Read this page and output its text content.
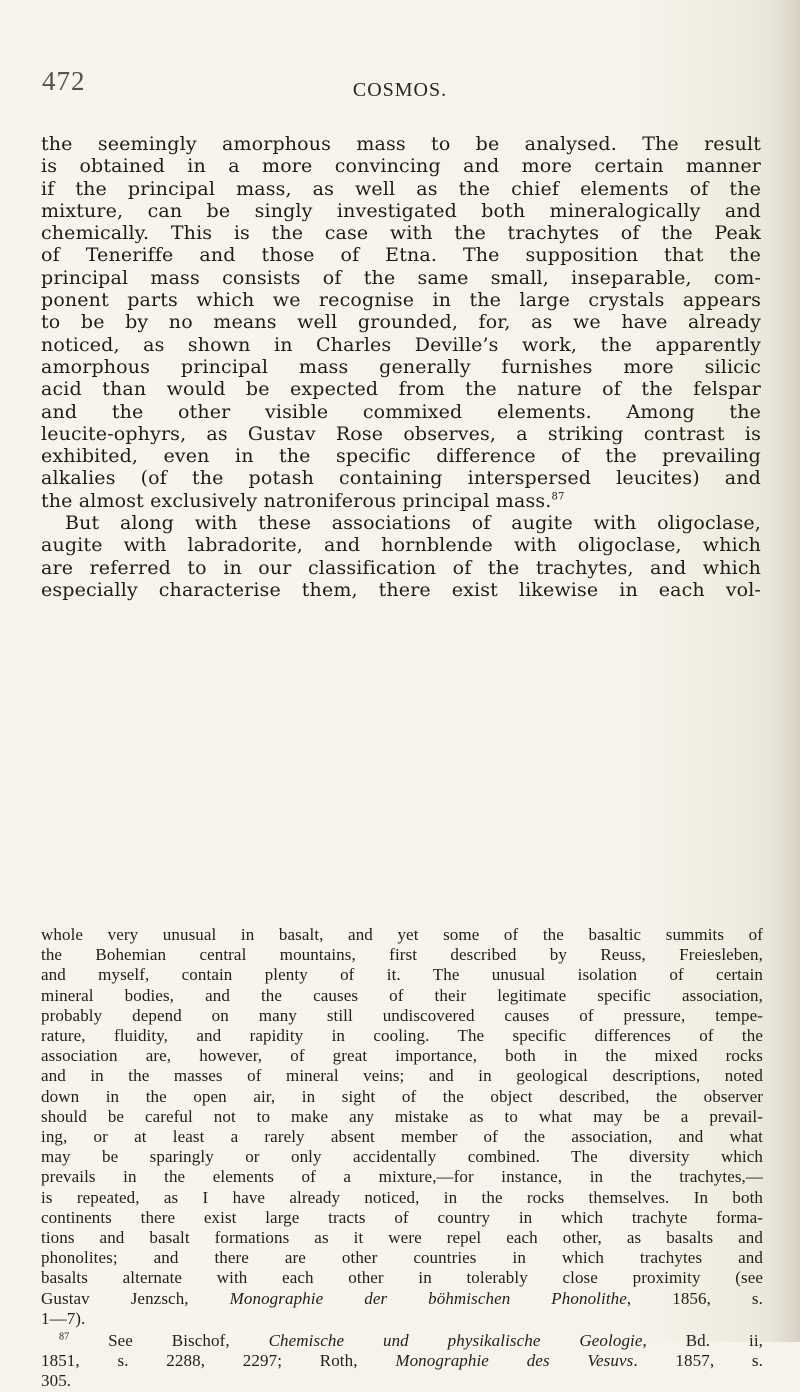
472	COSMOS.

the seemingly amorphous mass to be analysed. The result
is obtained in a more convincing and more certain manner
if the principal mass, as well as the chief elements of the
mixture, can be singly investigated both mineralogically and
chemically. This is the case with the trachytes of the Peak
of Teneriffe and those of Etna. The supposition that the
principal mass consists of the same small, inseparable, com-
ponent parts which we recognise in the large crystals appears
to be by no means well grounded, for, as we have already
noticed, as shown in Charles Deville’s work, the apparently
amorphous principal mass generally furnishes more silicic
acid than would be expected from the nature of the felspar
and the other visible commixed elements. Among the
leucite-ophyrs, as Gustav Rose observes, a striking contrast is
exhibited, even in the specific difference of the prevailing
alkalies (of the potash containing interspersed leucites) and
the almost exclusively natroniferous principal mass.$^{87}$

But along with these associations of augite with oligoclase,
augite with labradorite, and hornblende with oligoclase, which
are referred to in our classification of the trachytes, and which
especially characterise them, there exist likewise in each vol-

whole very unusual in basalt, and yet some of the basaltic summits of
the Bohemian central mountains, first described by Reuss, Freiesleben,
and myself, contain plenty of it. The unusual isolation of certain
mineral bodies, and the causes of their legitimate specific association,
probably depend on many still undiscovered causes of pressure, tempe-
rature, fluidity, and rapidity in cooling. The specific differences of the
association are, however, of great importance, both in the mixed rocks
and in the masses of mineral veins; and in geological descriptions, noted
down in the open air, in sight of the object described, the observer
should be careful not to make any mistake as to what may be a prevail-
ing, or at least a rarely absent member of the association, and what
may be sparingly or only accidentally combined. The diversity which
prevails in the elements of a mixture,—for instance, in the trachytes,—
is repeated, as I have already noticed, in the rocks themselves. In both
continents there exist large tracts of country in which trachyte forma-
tions and basalt formations as it were repel each other, as basalts and
phonolites; and there are other countries in which trachytes and
basalts alternate with each other in tolerably close proximity (see
Gustav Jenzsch, Monographie der böhmischen Phonolithe, 1856, s.
1—7).
$^{87}$ See Bischof, Chemische und physikalische Geologie, Bd. ii,
1851, s. 2288, 2297; Roth, Monographie des Vesuvs. 1857, s.
305.
